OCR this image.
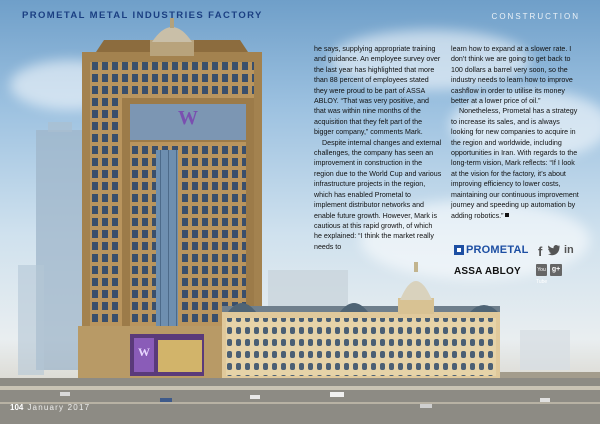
W
W
PROMETAL METAL INDUSTRIES FACTORY	CONSTRUCTION

he says, supplying appropriate training and guidance. An employee survey over the last year has highlighted that more than 88 percent of employees stated they were proud to be part of ASSA ABLOY. “That was very positive, and that was within nine months of the acquisition that they felt part of the bigger company,” comments Mark.

Despite internal changes and external challenges, the company has seen an improvement in construction in the region due to the World Cup and various infrastructure projects in the region, which has enabled Prometal to implement distributor networks and enable future growth. However, Mark is cautious at this rapid growth, of which he explained: “I think the market really needs to

learn how to expand at a slower rate. I don’t think we are going to get back to 100 dollars a barrel very soon, so the industry needs to learn how to improve cashflow in order to utilise its money better at a lower price of oil.”

Nonetheless, Prometal has a strategy to increase its sales, and is always looking for new companies to acquire in the region and worldwide, including opportunities in Iran. With regards to the long-term vision, Mark reflects: “If I look at the vision for the factory, it’s about improving efficiency to lower costs, maintaining our continuous improvement journey and speeding up automation by adding robotics.”

PROMETAL
ASSA ABLOY
f in
You Tube
g+
104 January 2017
